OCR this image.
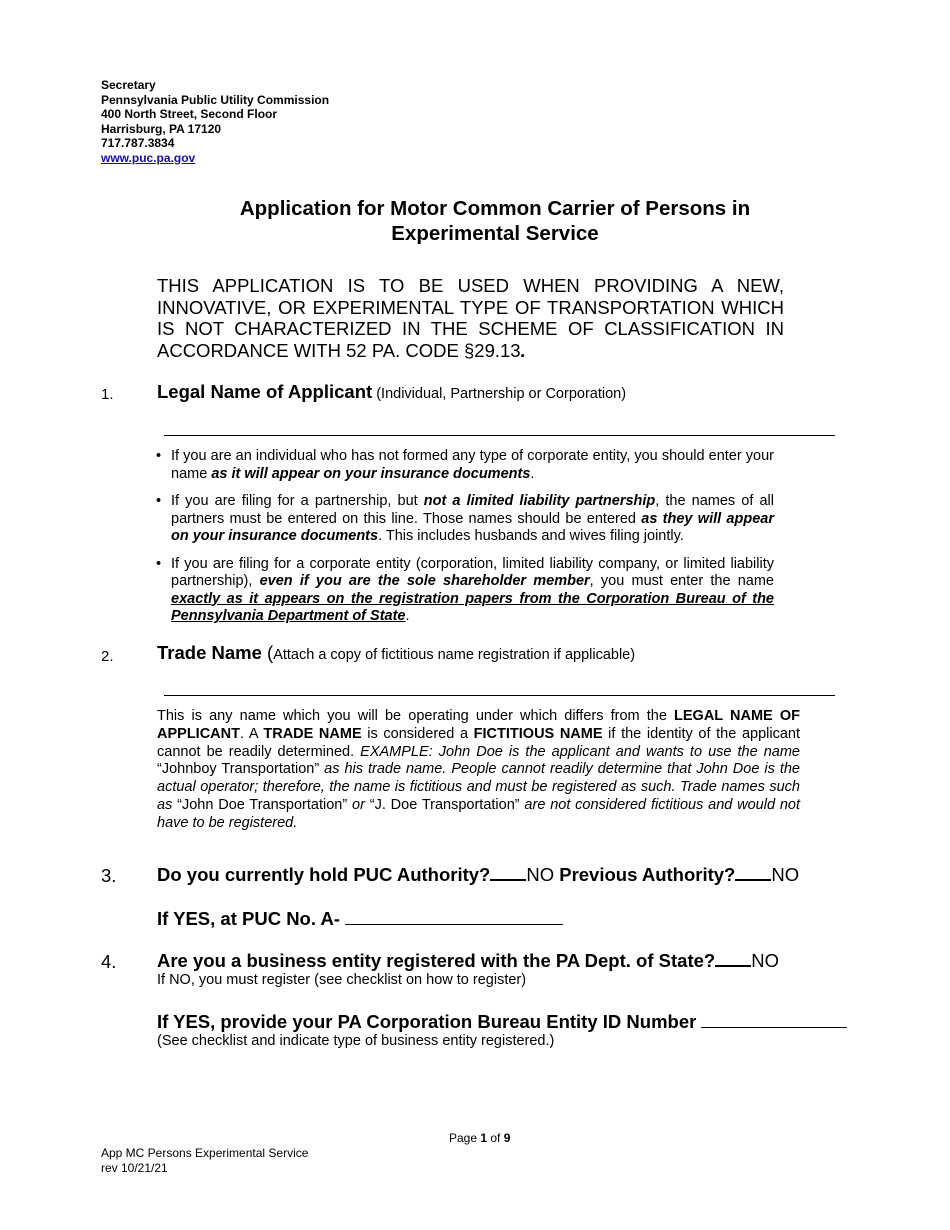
Secretary
Pennsylvania Public Utility Commission
400 North Street, Second Floor
Harrisburg, PA 17120
717.787.3834
www.puc.pa.gov
Application for Motor Common Carrier of Persons in
Experimental Service
THIS APPLICATION IS TO BE USED WHEN PROVIDING A NEW, INNOVATIVE, OR EXPERIMENTAL TYPE OF TRANSPORTATION WHICH IS NOT CHARACTERIZED IN THE SCHEME OF CLASSIFICATION IN ACCORDANCE WITH 52 PA. CODE §29.13.
1. Legal Name of Applicant (Individual, Partnership or Corporation)
• If you are an individual who has not formed any type of corporate entity, you should enter your name as it will appear on your insurance documents.
• If you are filing for a partnership, but not a limited liability partnership, the names of all partners must be entered on this line. Those names should be entered as they will appear on your insurance documents. This includes husbands and wives filing jointly.
• If you are filing for a corporate entity (corporation, limited liability company, or limited liability partnership), even if you are the sole shareholder member, you must enter the name exactly as it appears on the registration papers from the Corporation Bureau of the Pennsylvania Department of State.
2. Trade Name (Attach a copy of fictitious name registration if applicable)
This is any name which you will be operating under which differs from the LEGAL NAME OF APPLICANT. A TRADE NAME is considered a FICTITIOUS NAME if the identity of the applicant cannot be readily determined. EXAMPLE: John Doe is the applicant and wants to use the name “Johnboy Transportation” as his trade name. People cannot readily determine that John Doe is the actual operator; therefore, the name is fictitious and must be registered as such. Trade names such as “John Doe Transportation” or “J. Doe Transportation” are not considered fictitious and would not have to be registered.
3. Do you currently hold PUC Authority? NO Previous Authority? NO
If YES, at PUC No. A-
4. Are you a business entity registered with the PA Dept. of State? NO
If NO, you must register (see checklist on how to register)
If YES, provide your PA Corporation Bureau Entity ID Number
(See checklist and indicate type of business entity registered.)
Page 1 of 9
App MC Persons Experimental Service
rev 10/21/21
